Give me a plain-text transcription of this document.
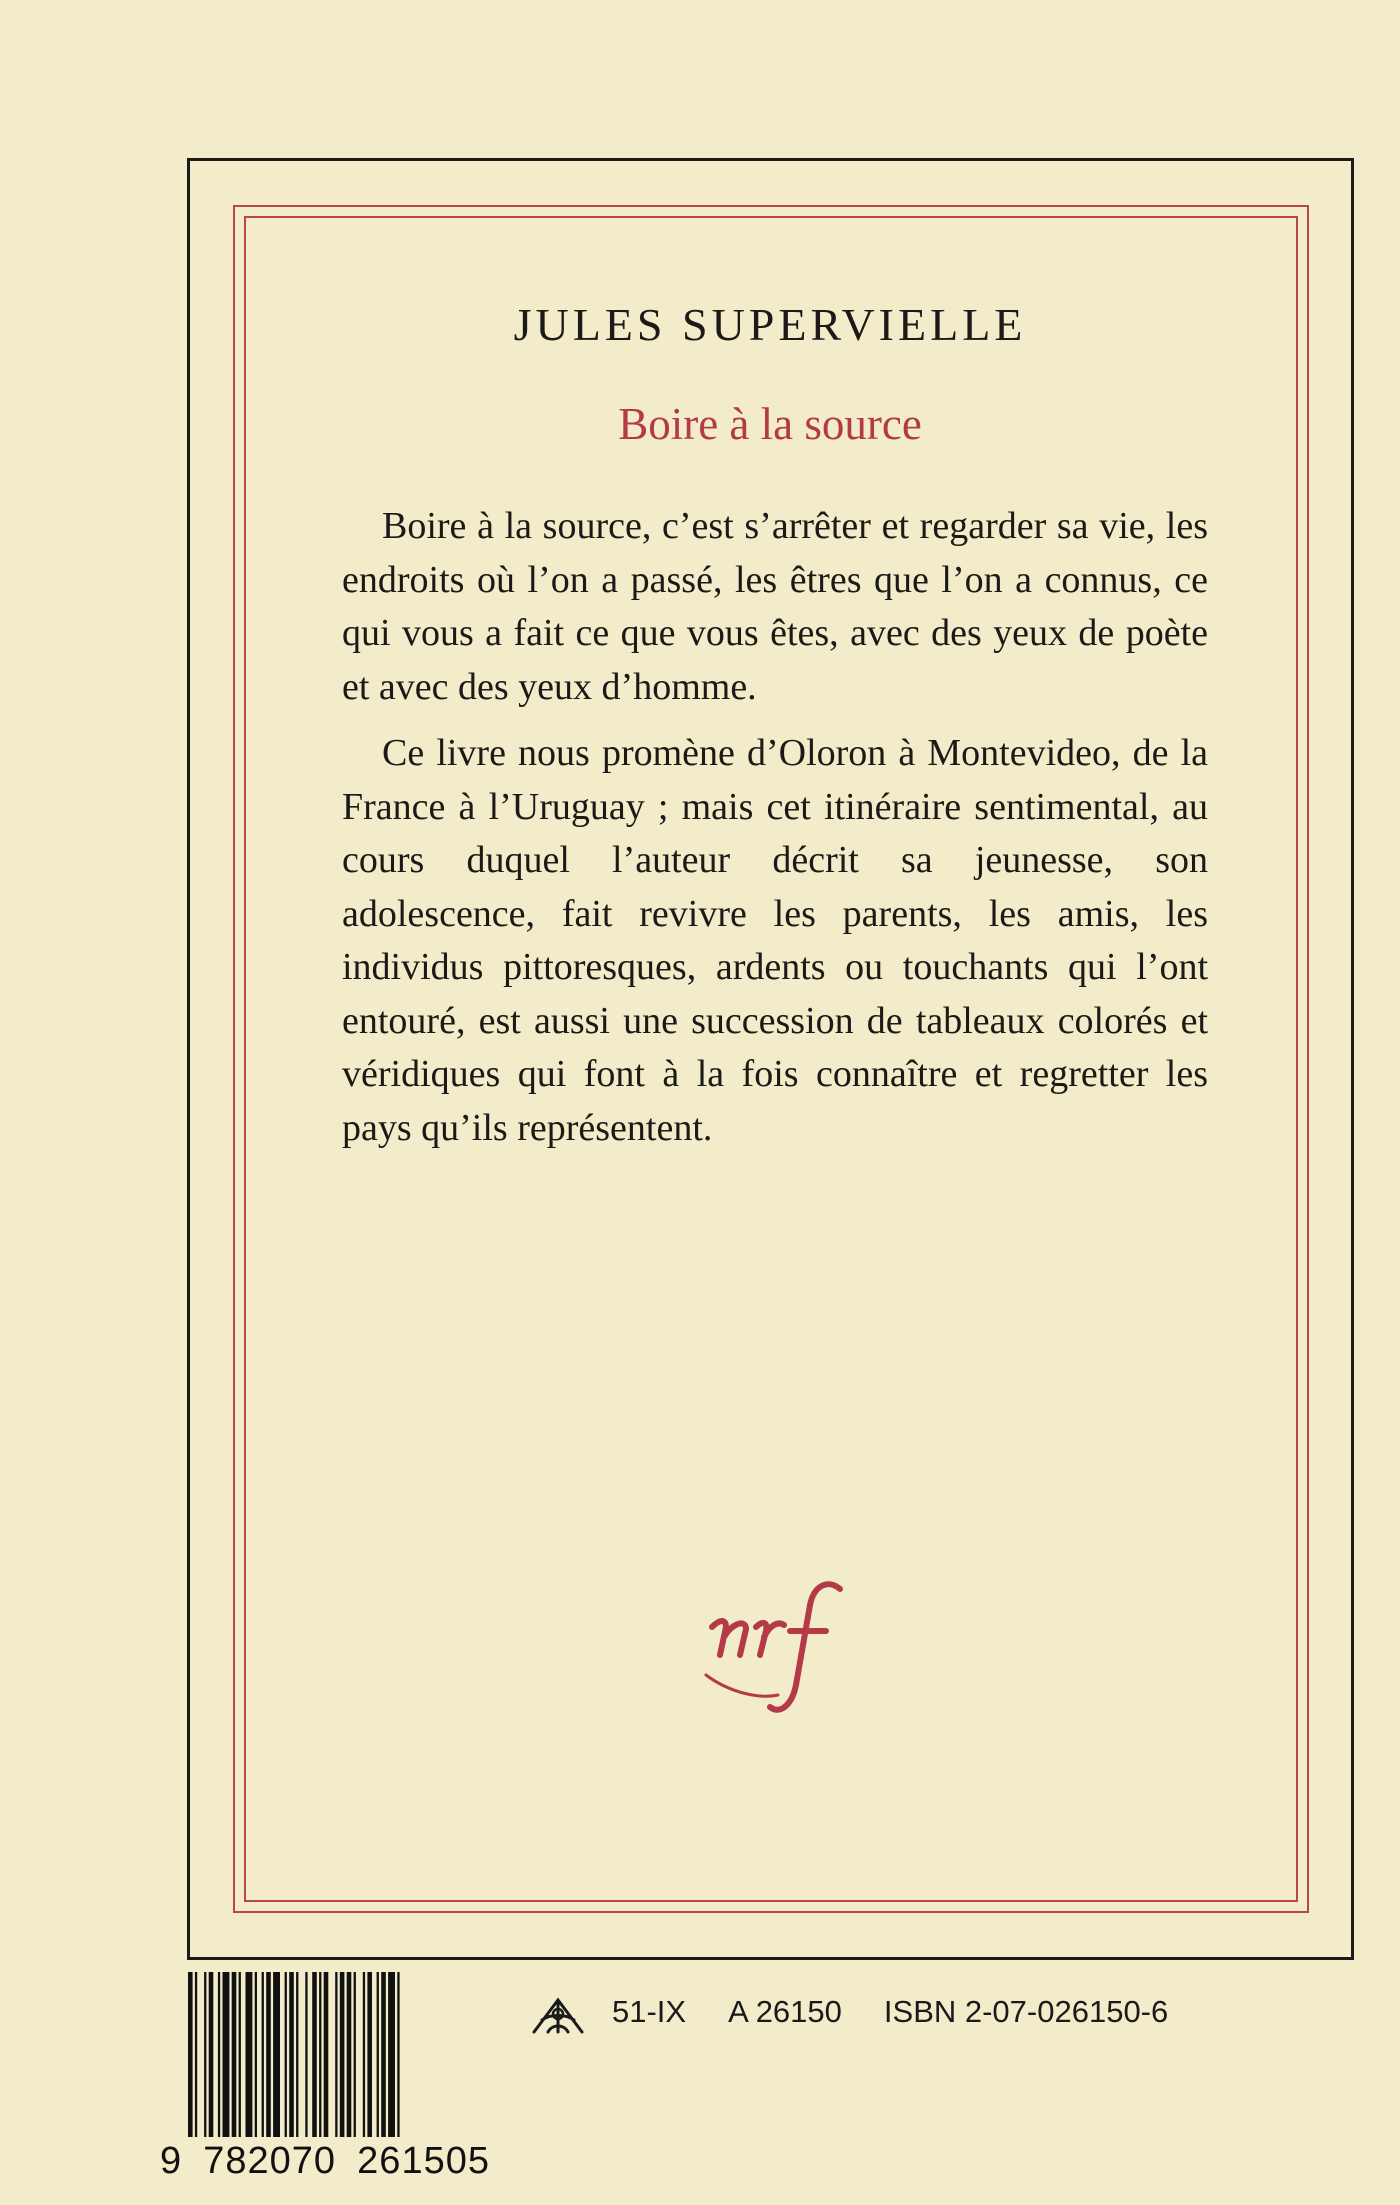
JULES SUPERVIELLE
Boire à la source

Boire à la source, c’est s’arrêter et regarder sa vie, les endroits où l’on a passé, les êtres que l’on a connus, ce qui vous a fait ce que vous êtes, avec des yeux de poète et avec des yeux d’homme.

Ce livre nous promène d’Oloron à Montevideo, de la France à l’Uruguay ; mais cet itinéraire sentimental, au cours duquel l’auteur décrit sa jeunesse, son adolescence, fait revivre les parents, les amis, les individus pittoresques, ardents ou touchants qui l’ont entouré, est aussi une succession de tableaux colorés et véridiques qui font à la fois connaître et regretter les pays qu’ils représentent.

9 782070 261505
51-IX A 26150 ISBN 2-07-026150-6
